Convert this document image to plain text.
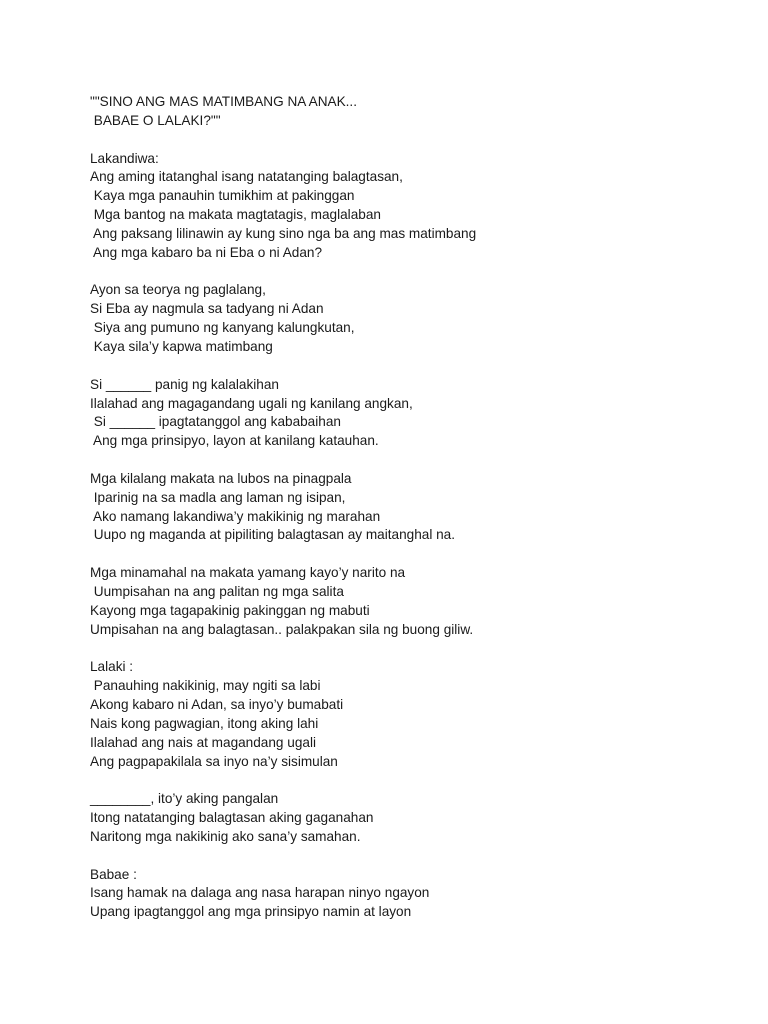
""SINO ANG MAS MATIMBANG NA ANAK...
BABAE O LALAKI?""
Lakandiwa:
Ang aming itatanghal isang natatanging balagtasan,
Kaya mga panauhin tumikhim at pakinggan
Mga bantog na makata magtatagis, maglalaban
Ang paksang lilinawin ay kung sino nga ba ang mas matimbang
Ang mga kabaro ba ni Eba o ni Adan?
Ayon sa teorya ng paglalang,
Si Eba ay nagmula sa tadyang ni Adan
Siya ang pumuno ng kanyang kalungkutan,
Kaya sila’y kapwa matimbang
Si ______ panig ng kalalakihan
Ilalahad ang magagandang ugali ng kanilang angkan,
Si ______ ipagtatanggol ang kababaihan
Ang mga prinsipyo, layon at kanilang katauhan.
Mga kilalang makata na lubos na pinagpala
Iparinig na sa madla ang laman ng isipan,
Ako namang lakandiwa’y makikinig ng marahan
Uupo ng maganda at pipiliting balagtasan ay maitanghal na.
Mga minamahal na makata yamang kayo’y narito na
Uumpisahan na ang palitan ng mga salita
Kayong mga tagapakinig pakinggan ng mabuti
Umpisahan na ang balagtasan.. palakpakan sila ng buong giliw.
Lalaki :
Panauhing nakikinig, may ngiti sa labi
Akong kabaro ni Adan, sa inyo’y bumabati
Nais kong pagwagian, itong aking lahi
Ilalahad ang nais at magandang ugali
Ang pagpapakilala sa inyo na’y sisimulan
________, ito’y aking pangalan
Itong natatanging balagtasan aking gaganahan
Naritong mga nakikinig ako sana’y samahan.
Babae :
Isang hamak na dalaga ang nasa harapan ninyo ngayon
Upang ipagtanggol ang mga prinsipyo namin at layon
